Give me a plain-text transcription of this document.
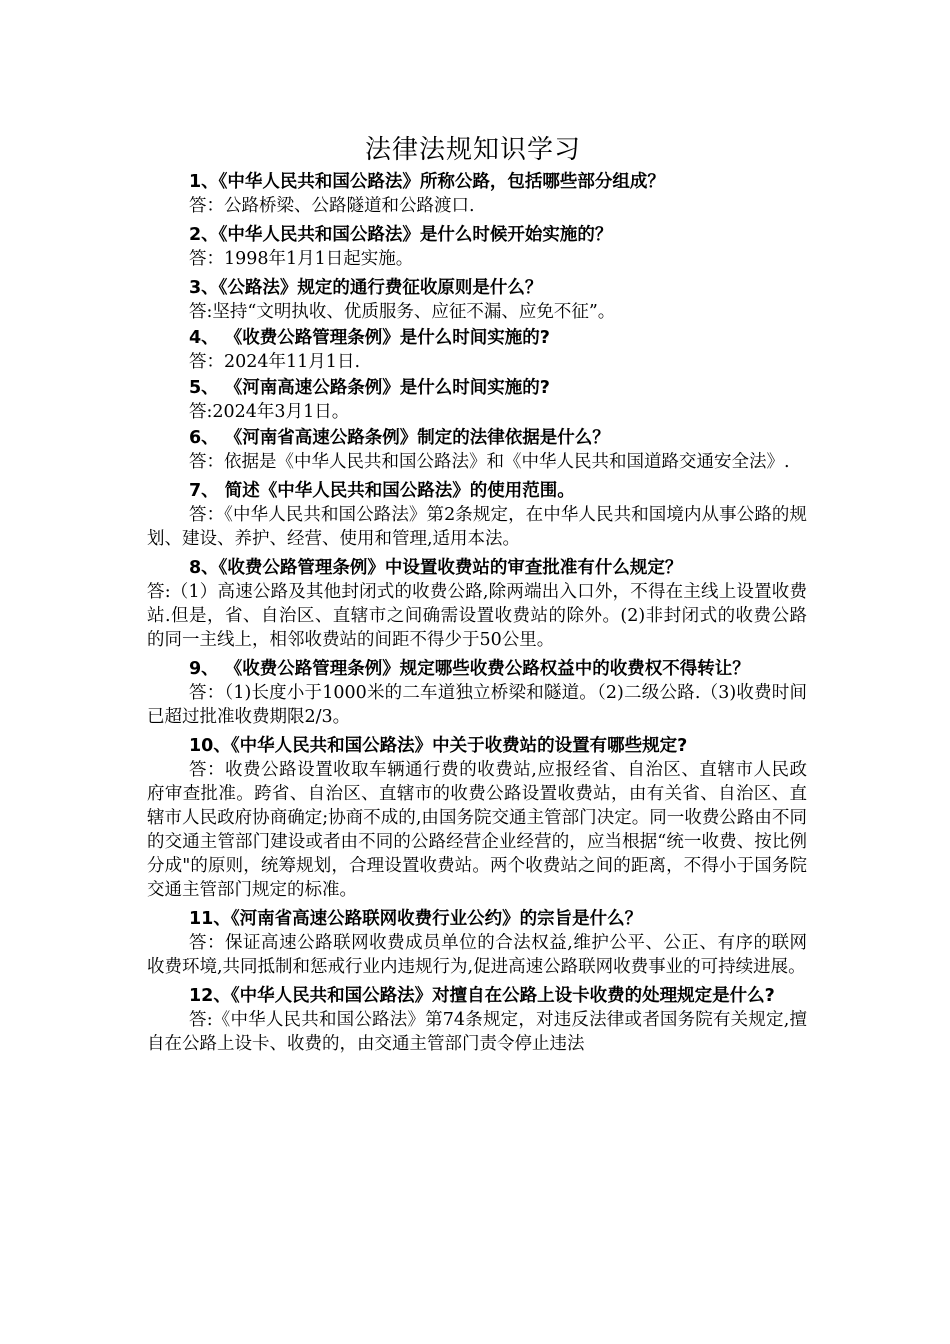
法律法规知识学习

1、《中华人民共和国公路法》所称公路，包括哪些部分组成？

答：公路桥梁、公路隧道和公路渡口.

2、《中华人民共和国公路法》是什么时候开始实施的？

答：1998年1月1日起实施。

3、《公路法》规定的通行费征收原则是什么？

答:坚持“文明执收、优质服务、应征不漏、应免不征”。

4、 《收费公路管理条例》是什么时间实施的?

答：2024年11月1日.

5、 《河南高速公路条例》是什么时间实施的?

答:2024年3月1日。

6、 《河南省高速公路条例》制定的法律依据是什么？

答：依据是《中华人民共和国公路法》和《中华人民共和国道路交通安全法》.

7、 简述《中华人民共和国公路法》的使用范围。

答：《中华人民共和国公路法》第2条规定，在中华人民共和国境内从事公路的规划、建设、养护、经营、使用和管理,适用本法。

8、《收费公路管理条例》中设置收费站的审查批准有什么规定？

答:（1）高速公路及其他封闭式的收费公路,除两端出入口外，不得在主线上设置收费站.但是，省、自治区、直辖市之间确需设置收费站的除外。(2)非封闭式的收费公路的同一主线上，相邻收费站的间距不得少于50公里。

9、 《收费公路管理条例》规定哪些收费公路权益中的收费权不得转让？

答：（1)长度小于1000米的二车道独立桥梁和隧道。（2)二级公路.（3)收费时间已超过批准收费期限2/3。

10、《中华人民共和国公路法》中关于收费站的设置有哪些规定?

答：收费公路设置收取车辆通行费的收费站,应报经省、自治区、直辖市人民政府审查批准。跨省、自治区、直辖市的收费公路设置收费站，由有关省、自治区、直辖市人民政府协商确定;协商不成的,由国务院交通主管部门决定。同一收费公路由不同的交通主管部门建设或者由不同的公路经营企业经营的，应当根据“统一收费、按比例分成"的原则，统筹规划，合理设置收费站。两个收费站之间的距离，不得小于国务院交通主管部门规定的标准。

11、《河南省高速公路联网收费行业公约》的宗旨是什么？

答：保证高速公路联网收费成员单位的合法权益,维护公平、公正、有序的联网收费环境,共同抵制和惩戒行业内违规行为,促进高速公路联网收费事业的可持续进展。

12、《中华人民共和国公路法》对擅自在公路上设卡收费的处理规定是什么?

答:《中华人民共和国公路法》第74条规定，对违反法律或者国务院有关规定,擅自在公路上设卡、收费的，由交通主管部门责令停止违法
